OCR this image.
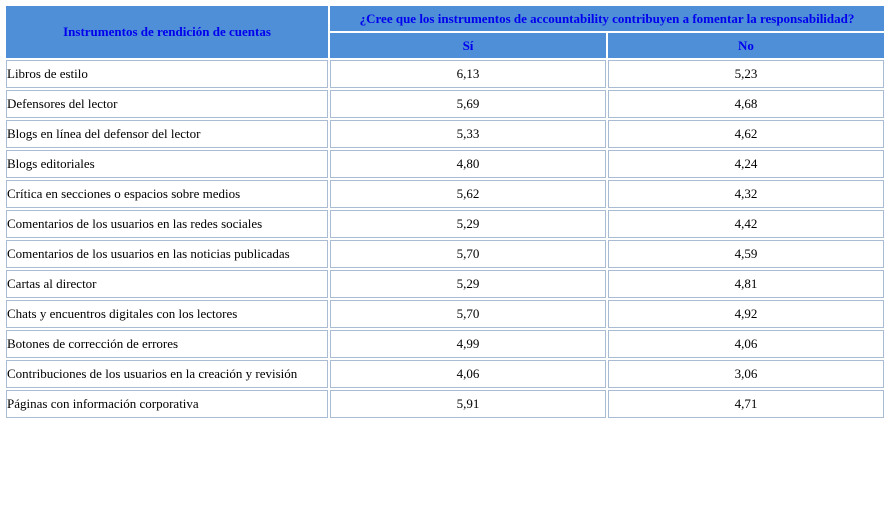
Instrumentos de rendición de cuentas	¿Cree que los instrumentos de accountability contribuyen a fomentar la responsabilidad?	
	Sí	No
Libros de estilo	6,13	5,23
Defensores del lector	5,69	4,68
Blogs en línea del defensor del lector	5,33	4,62
Blogs editoriales	4,80	4,24
Crítica en secciones o espacios sobre medios	5,62	4,32
Comentarios de los usuarios en las redes sociales	5,29	4,42
Comentarios de los usuarios en las noticias publicadas	5,70	4,59
Cartas al director	5,29	4,81
Chats y encuentros digitales con los lectores	5,70	4,92
Botones de corrección de errores	4,99	4,06
Contribuciones de los usuarios en la creación y revisión	4,06	3,06
Páginas con información corporativa	5,91	4,71
